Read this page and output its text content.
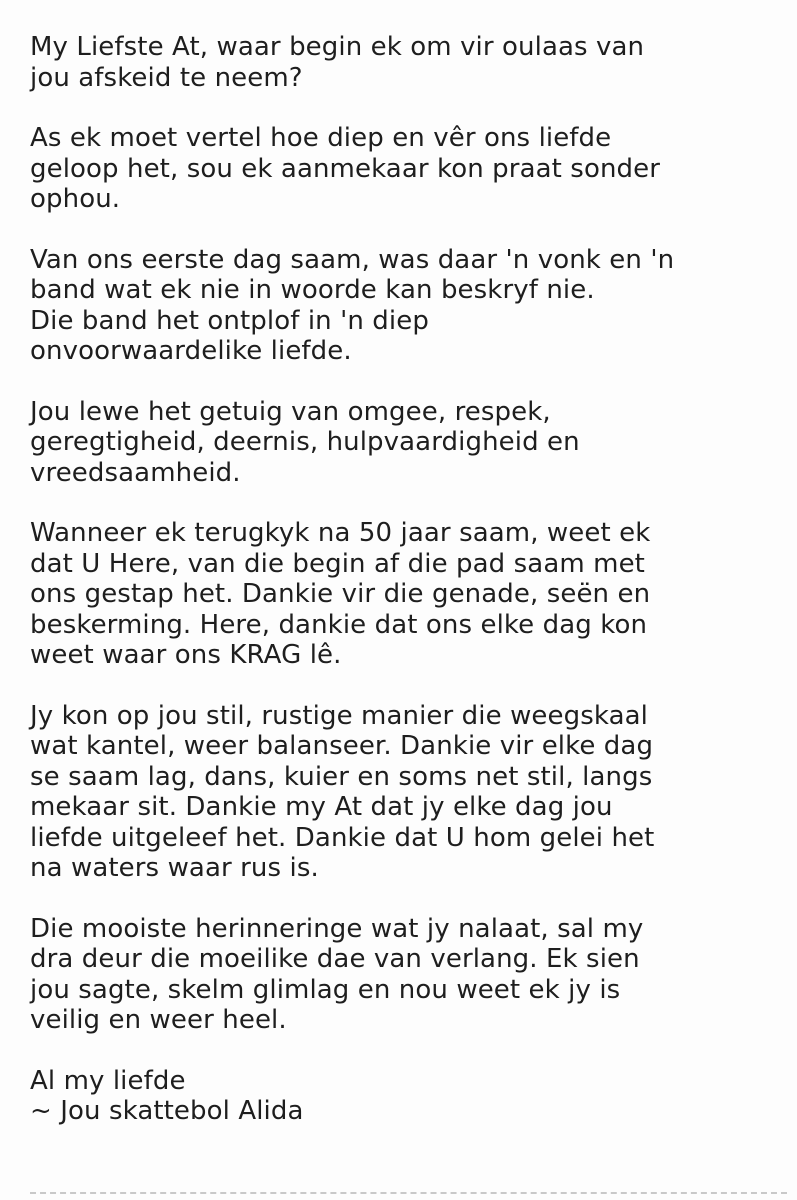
My Liefste At, waar begin ek om vir oulaas van
jou afskeid te neem?

As ek moet vertel hoe diep en vêr ons liefde
geloop het, sou ek aanmekaar kon praat sonder
ophou.

Van ons eerste dag saam, was daar 'n vonk en 'n
band wat ek nie in woorde kan beskryf nie.
Die band het ontplof in 'n diep
onvoorwaardelike liefde.

Jou lewe het getuig van omgee, respek,
geregtigheid, deernis, hulpvaardigheid en
vreedsaamheid.

Wanneer ek terugkyk na 50 jaar saam, weet ek
dat U Here, van die begin af die pad saam met
ons gestap het. Dankie vir die genade, seën en
beskerming. Here, dankie dat ons elke dag kon
weet waar ons KRAG lê.

Jy kon op jou stil, rustige manier die weegskaal
wat kantel, weer balanseer. Dankie vir elke dag
se saam lag, dans, kuier en soms net stil, langs
mekaar sit. Dankie my At dat jy elke dag jou
liefde uitgeleef het. Dankie dat U hom gelei het
na waters waar rus is.

Die mooiste herinneringe wat jy nalaat, sal my
dra deur die moeilike dae van verlang. Ek sien
jou sagte, skelm glimlag en nou weet ek jy is
veilig en weer heel.

Al my liefde
~ Jou skattebol Alida
